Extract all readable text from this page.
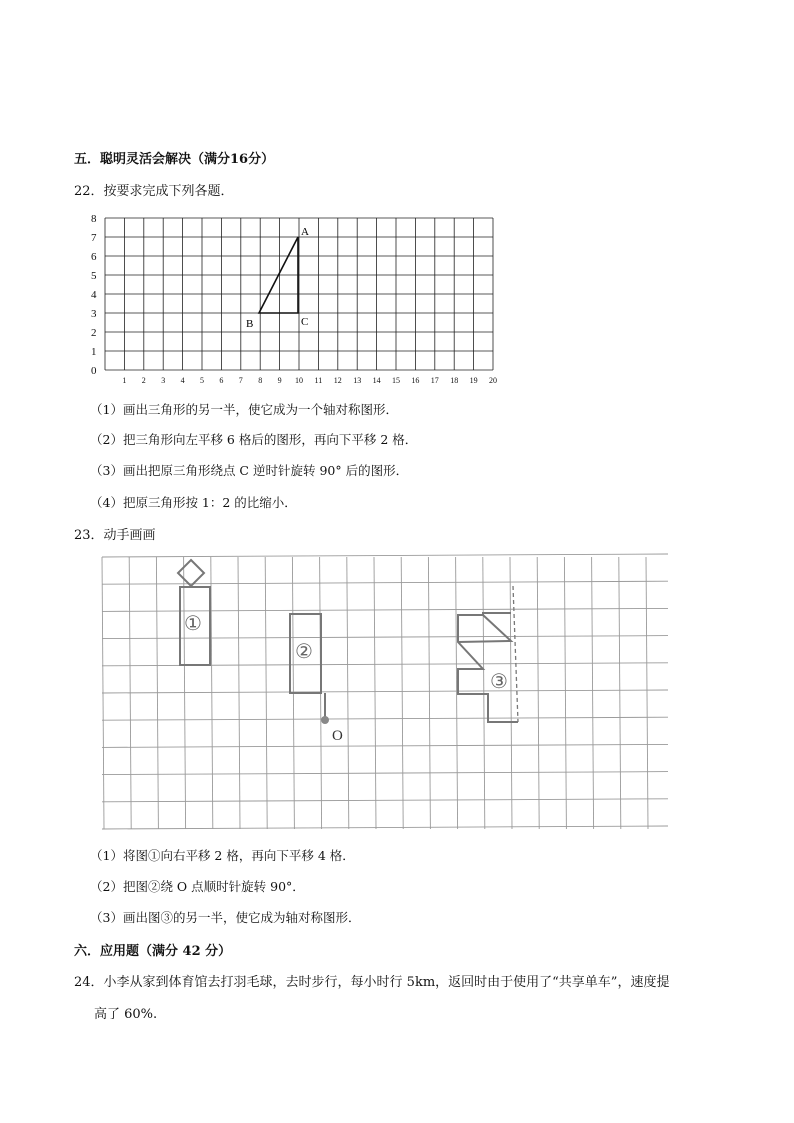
五．聪明灵活会解决（满分16分）
22．按要求完成下列各题．
8
7
6
5
4
3
2
1
0
1 2 3 4 5 6 7 8 9 10 11 12 13 14 15 16 17 18 19 20
A
B	C
（1）画出三角形的另一半，使它成为一个轴对称图形．
（2）把三角形向左平移 6 格后的图形，再向下平移 2 格．
（3）画出把原三角形绕点 C 逆时针旋转 90° 后的图形．
（4）把原三角形按 1：2 的比缩小．
23．动手画画
①
②
③
O
（1）将图①向右平移 2 格，再向下平移 4 格．
（2）把图②绕 O 点顺时针旋转 90°．
（3）画出图③的另一半，使它成为轴对称图形．
六．应用题（满分 42 分）
24．小李从家到体育馆去打羽毛球，去时步行，每小时行 5km，返回时由于使用了“共享单车”，速度提
高了 60%.
